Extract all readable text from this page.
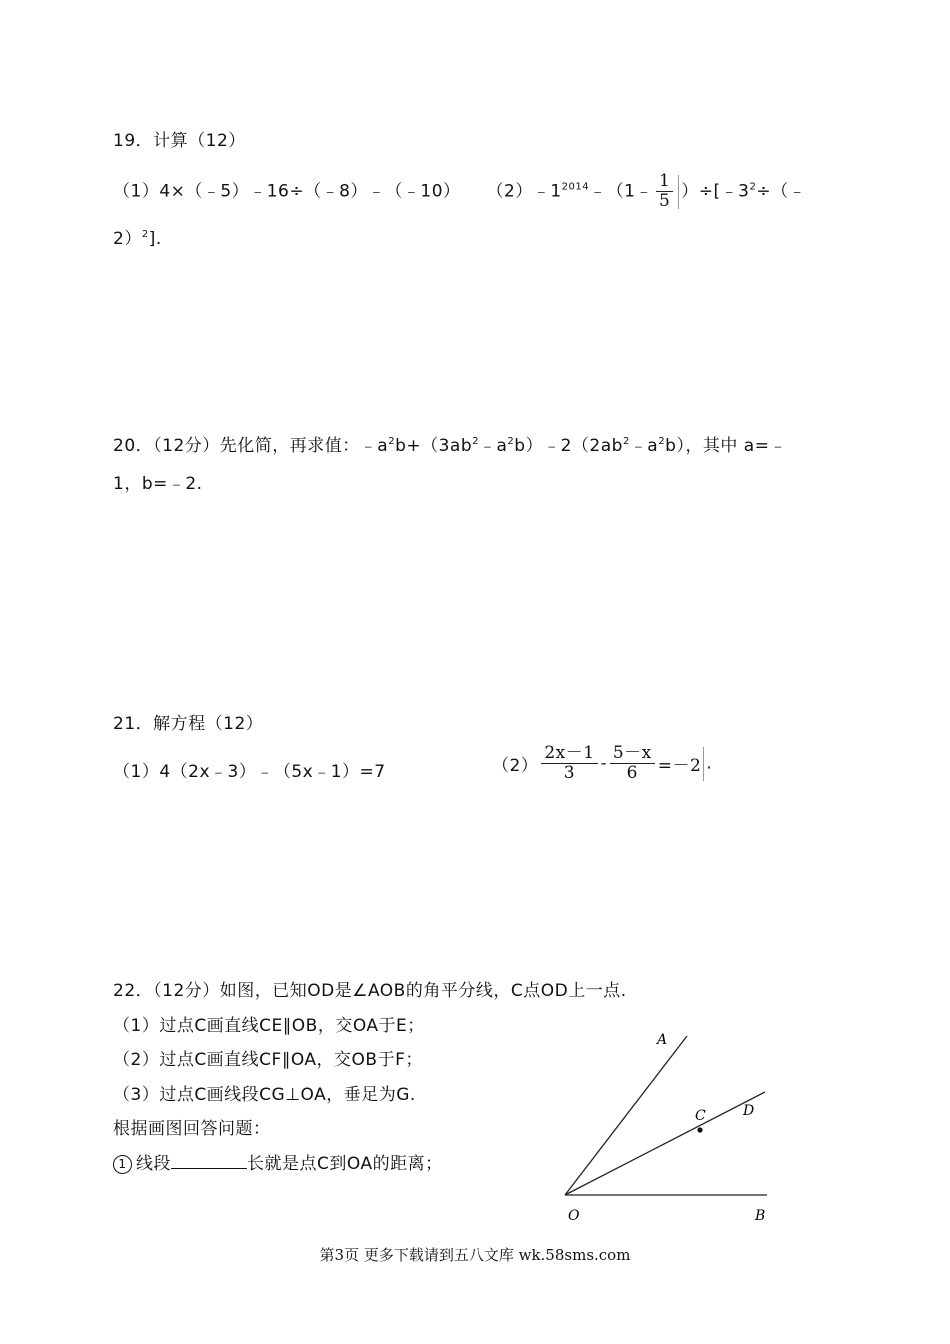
19．计算（12）
（1）4×（﹣5）﹣16÷（﹣8）﹣（﹣10） $(2)﹣1^{2014}﹣(1﹣ \frac{1}{5}$ ）$\div[﹣3^2\div(﹣$
2）$^2$].
20．（12分）先化简，再求值：$﹣a^2b+(3ab^2﹣a^2b)﹣2(2ab^2﹣a^2b)$，其中 a=﹣
1，b=﹣2.
21．解方程（12）
（1）4（2x﹣3）﹣（5x﹣1）=7	$(2) \frac{2x-1}{3} - \frac{5-x}{6} =-2$ .
22．（12分）如图，已知OD是∠AOB的角平分线，C点OD上一点.
（1）过点C画直线CE∥OB，交OA于E；
（2）过点C画直线CF∥OA，交OB于F；
（3）过点C画线段CG⊥OA，垂足为G.
根据画图回答问题：
1 线段	长就是点C到OA的距离；
A
C	D
O	B
第3页 更多下载请到五八文库 wk.58sms.com
